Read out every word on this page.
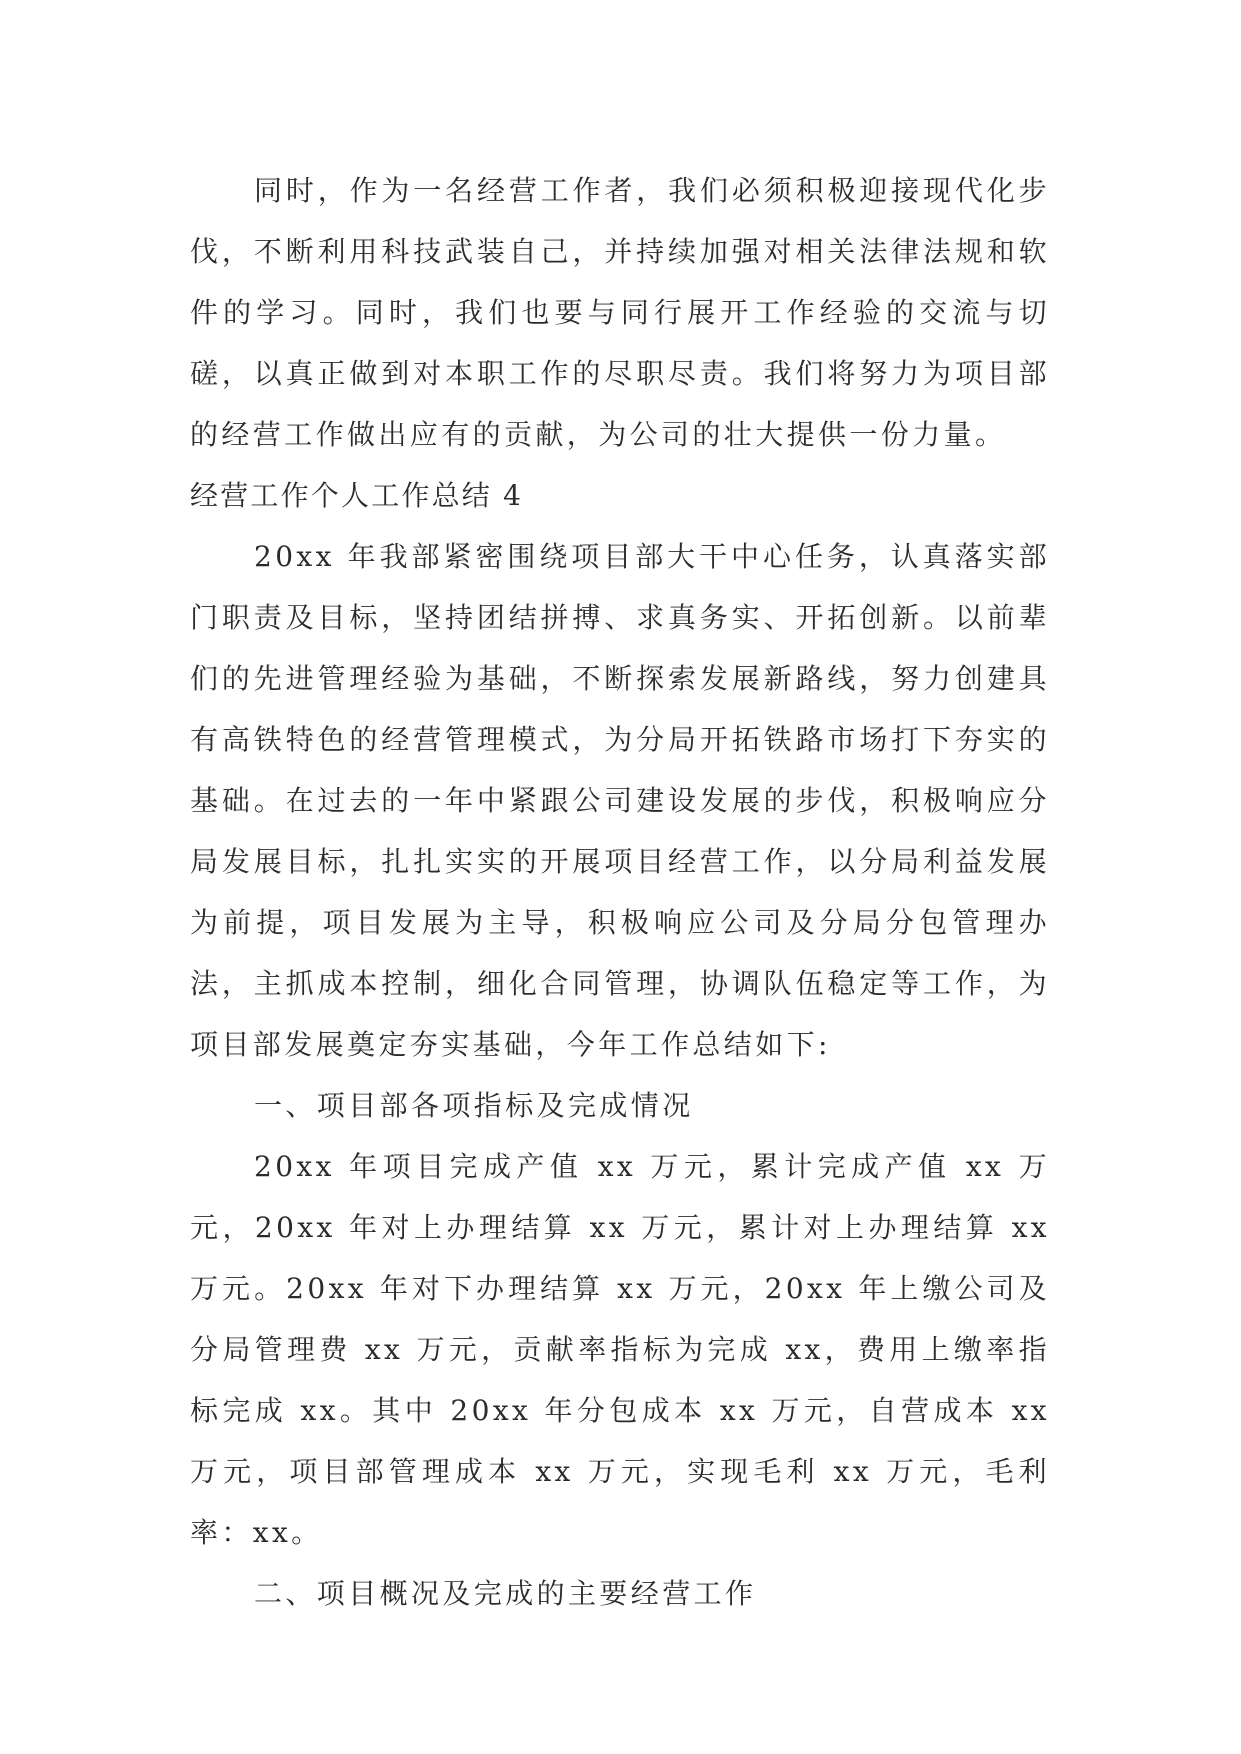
同时，作为一名经营工作者，我们必须积极迎接现代化步伐，不断利用科技武装自己，并持续加强对相关法律法规和软件的学习。同时，我们也要与同行展开工作经验的交流与切磋，以真正做到对本职工作的尽职尽责。我们将努力为项目部的经营工作做出应有的贡献，为公司的壮大提供一份力量。

经营工作个人工作总结 4

20xx 年我部紧密围绕项目部大干中心任务，认真落实部门职责及目标，坚持团结拼搏、求真务实、开拓创新。以前辈们的先进管理经验为基础，不断探索发展新路线，努力创建具有高铁特色的经营管理模式，为分局开拓铁路市场打下夯实的基础。在过去的一年中紧跟公司建设发展的步伐，积极响应分局发展目标，扎扎实实的开展项目经营工作，以分局利益发展为前提，项目发展为主导，积极响应公司及分局分包管理办法，主抓成本控制，细化合同管理，协调队伍稳定等工作，为项目部发展奠定夯实基础，今年工作总结如下:

一、项目部各项指标及完成情况

20xx 年项目完成产值 xx 万元，累计完成产值 xx 万元，20xx 年对上办理结算 xx 万元，累计对上办理结算 xx 万元。20xx 年对下办理结算 xx 万元，20xx 年上缴公司及分局管理费 xx 万元，贡献率指标为完成 xx，费用上缴率指标完成 xx。其中 20xx 年分包成本 xx 万元，自营成本 xx 万元，项目部管理成本 xx 万元，实现毛利 xx 万元，毛利率：xx。

二、项目概况及完成的主要经营工作
